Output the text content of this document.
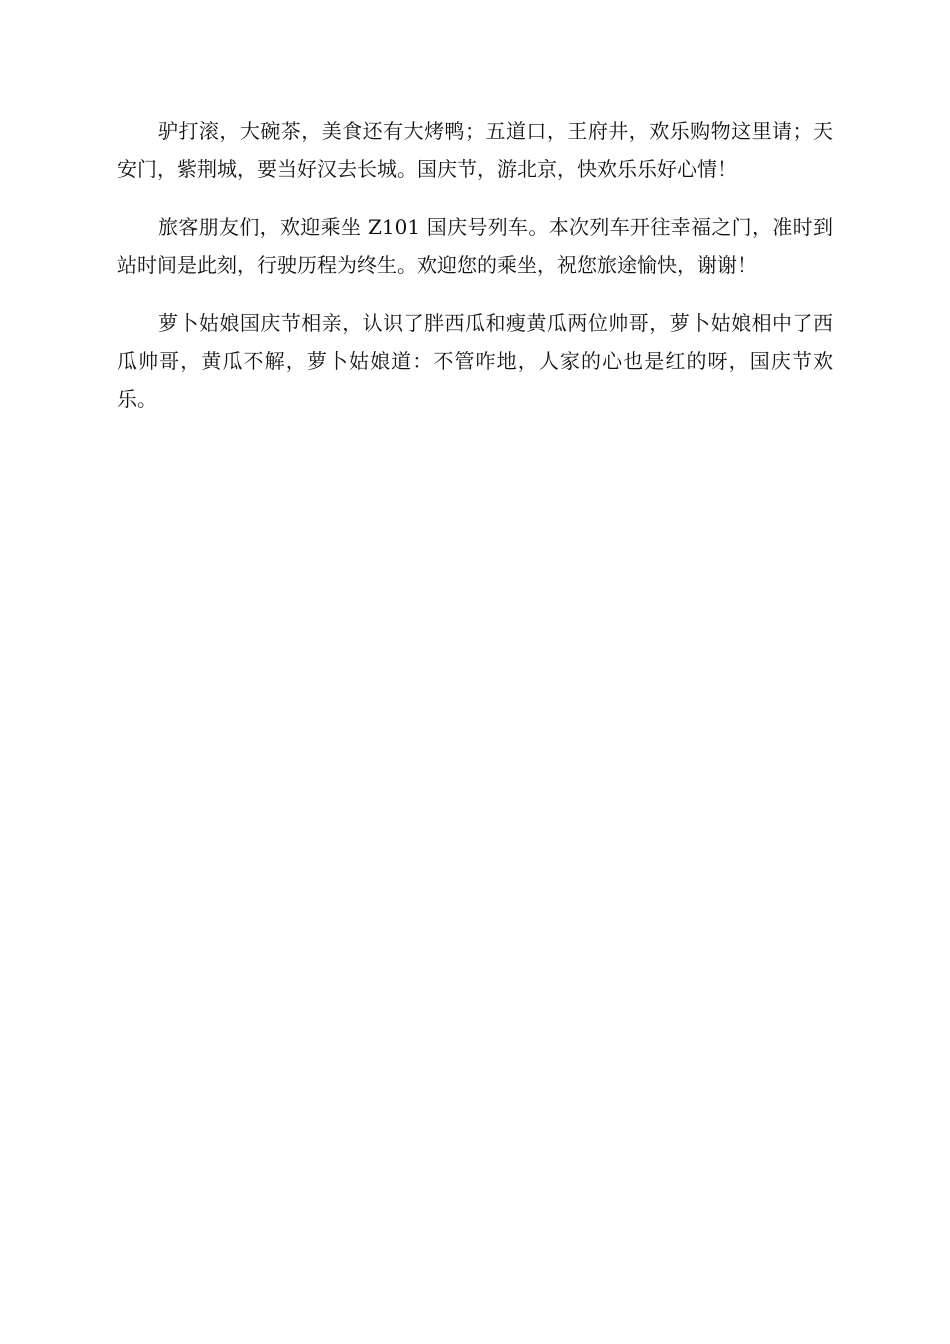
驴打滚，大碗茶，美食还有大烤鸭；五道口，王府井，欢乐购物这里请；天安门，紫荆城，要当好汉去长城。国庆节，游北京，快欢乐乐好心情！

旅客朋友们，欢迎乘坐 Z101 国庆号列车。本次列车开往幸福之门，准时到站时间是此刻，行驶历程为终生。欢迎您的乘坐，祝您旅途愉快，谢谢！

萝卜姑娘国庆节相亲，认识了胖西瓜和瘦黄瓜两位帅哥，萝卜姑娘相中了西瓜帅哥，黄瓜不解，萝卜姑娘道：不管咋地，人家的心也是红的呀，国庆节欢乐。
